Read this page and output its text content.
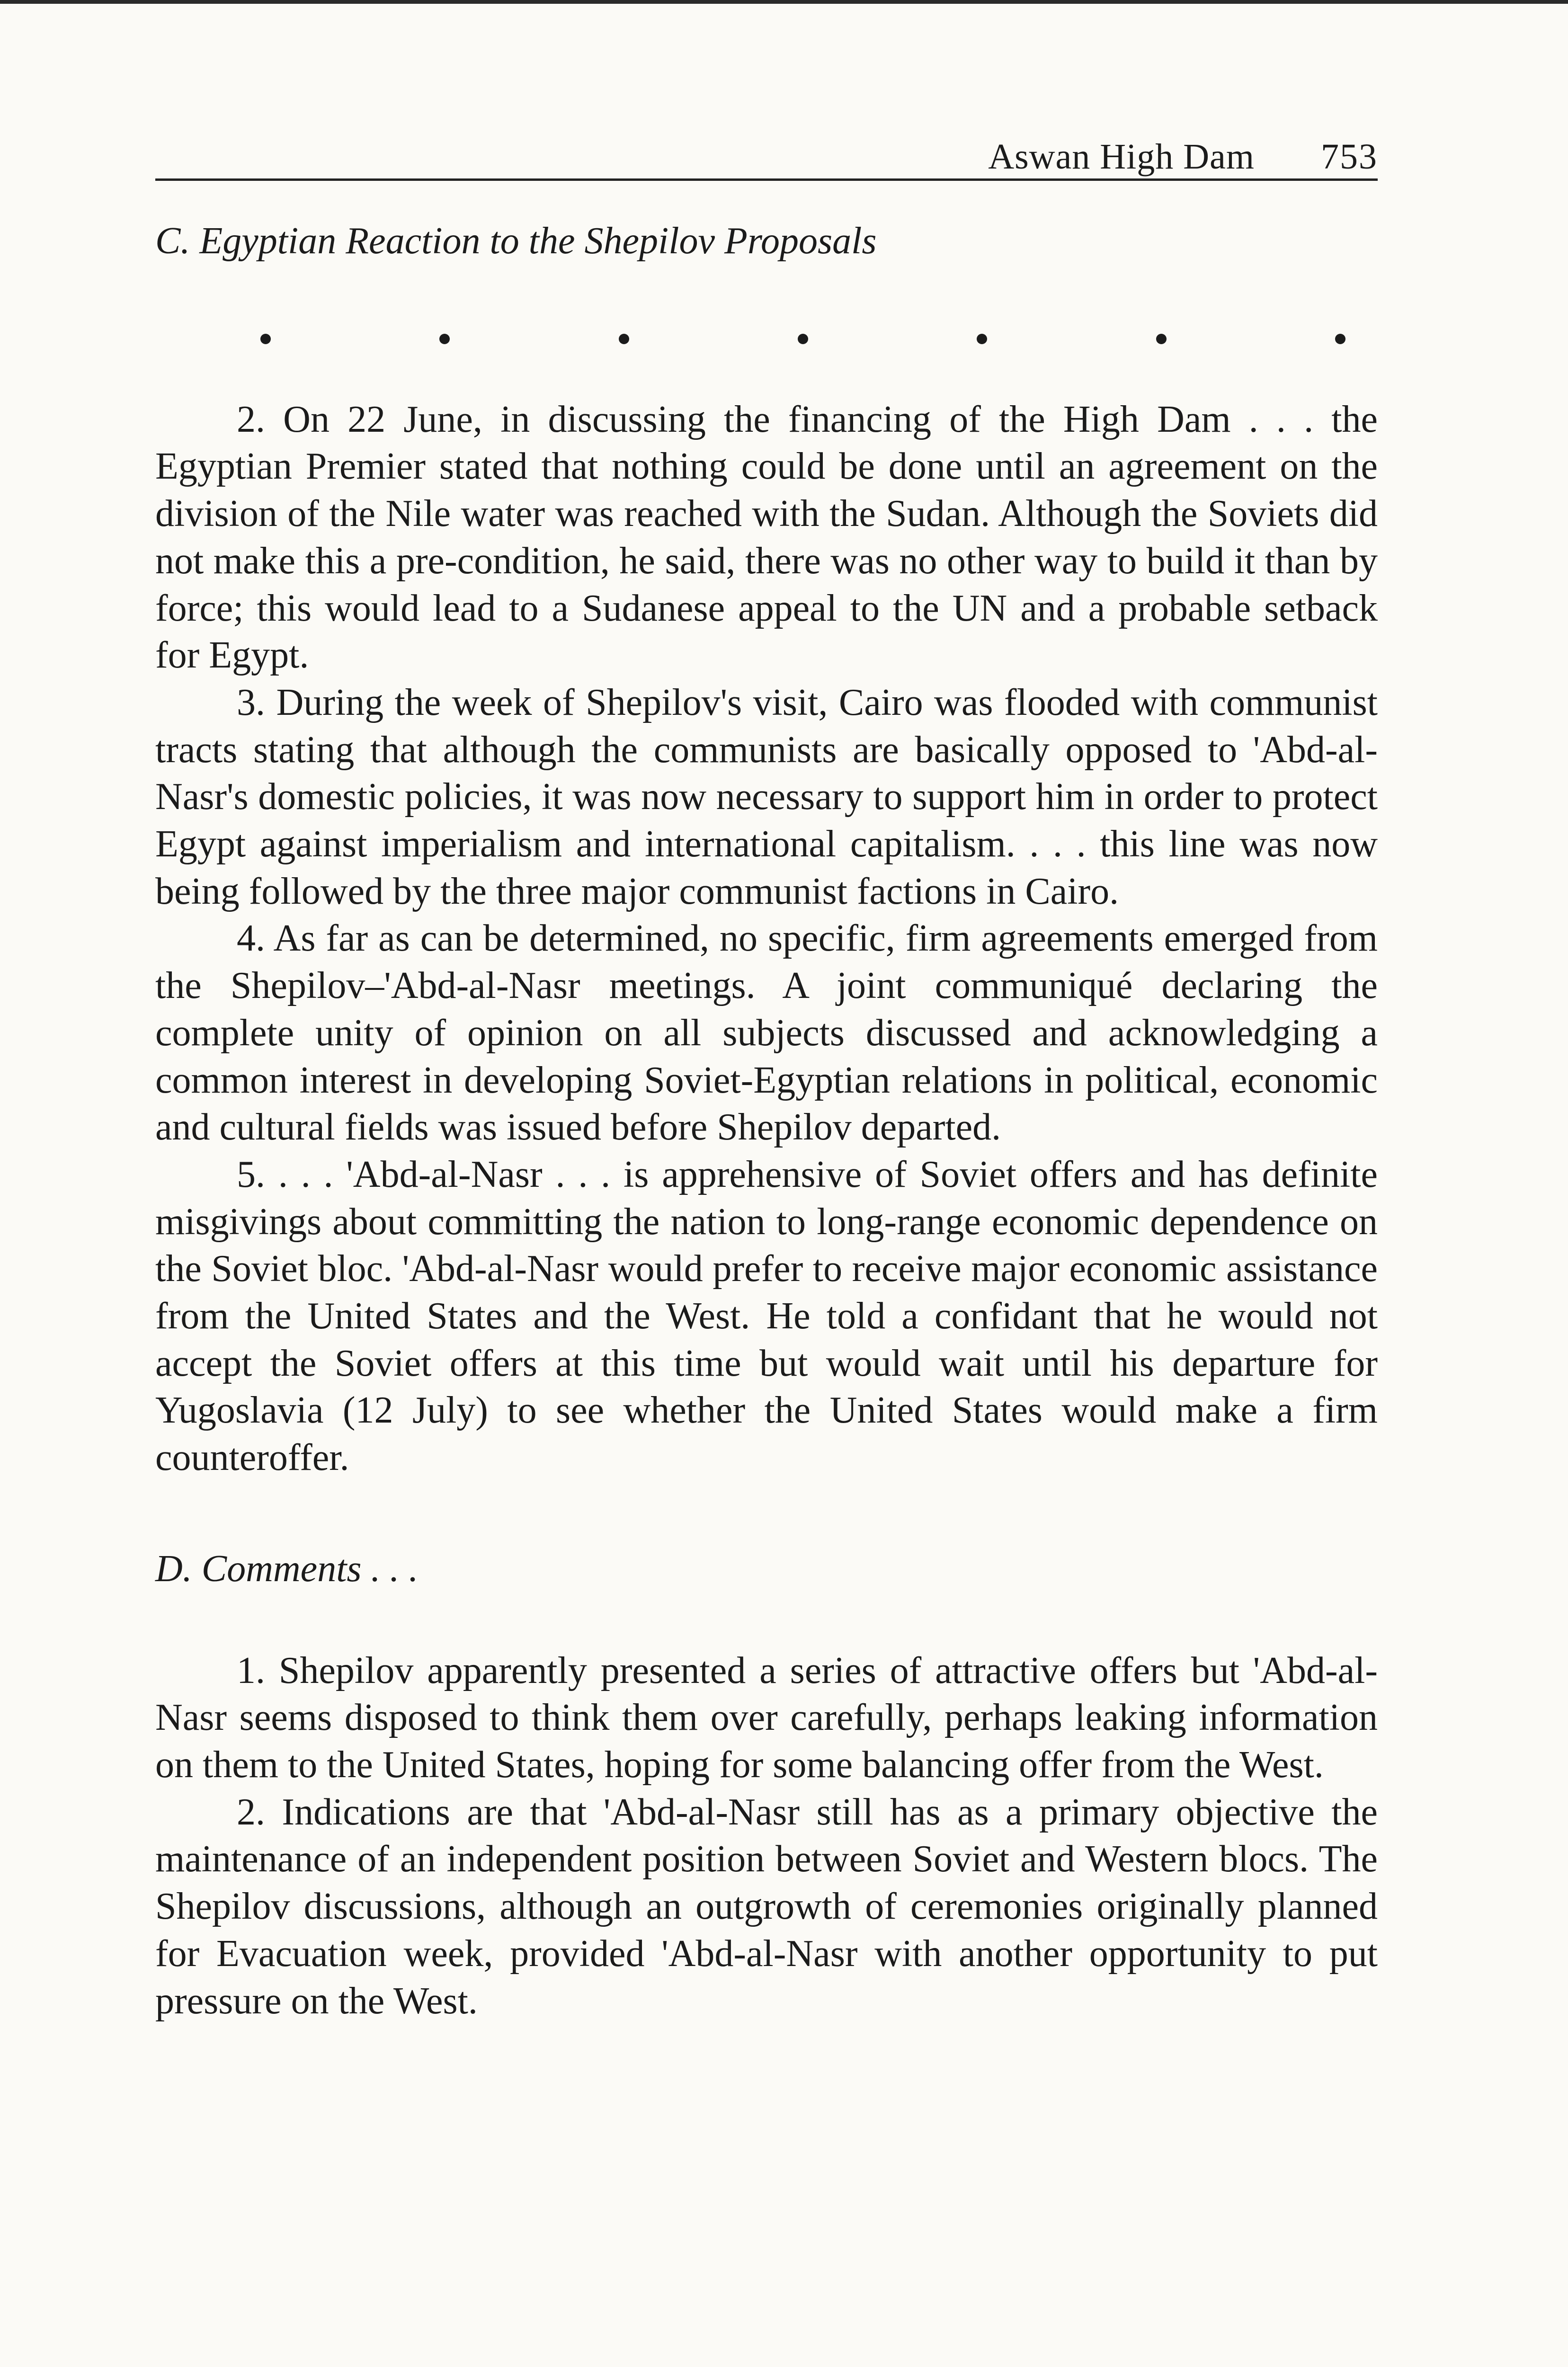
Aswan High Dam 753

C. Egyptian Reaction to the Shepilov Proposals

2. On 22 June, in discussing the financing of the High Dam . . . the Egyptian Premier stated that nothing could be done until an agreement on the division of the Nile water was reached with the Sudan. Although the Soviets did not make this a pre-condition, he said, there was no other way to build it than by force; this would lead to a Sudanese appeal to the UN and a probable setback for Egypt.

3. During the week of Shepilov's visit, Cairo was flooded with communist tracts stating that although the communists are basically opposed to 'Abd-al-Nasr's domestic policies, it was now necessary to support him in order to protect Egypt against imperialism and international capitalism. . . . this line was now being followed by the three major communist factions in Cairo.

4. As far as can be determined, no specific, firm agreements emerged from the Shepilov–'Abd-al-Nasr meetings. A joint communiqué declaring the complete unity of opinion on all subjects discussed and acknowledging a common interest in developing Soviet-Egyptian relations in political, economic and cultural fields was issued before Shepilov departed.

5. . . . 'Abd-al-Nasr . . . is apprehensive of Soviet offers and has definite misgivings about committing the nation to long-range economic dependence on the Soviet bloc. 'Abd-al-Nasr would prefer to receive major economic assistance from the United States and the West. He told a confidant that he would not accept the Soviet offers at this time but would wait until his departure for Yugoslavia (12 July) to see whether the United States would make a firm counteroffer.

D. Comments . . .

1. Shepilov apparently presented a series of attractive offers but 'Abd-al-Nasr seems disposed to think them over carefully, perhaps leaking information on them to the United States, hoping for some balancing offer from the West.

2. Indications are that 'Abd-al-Nasr still has as a primary objective the maintenance of an independent position between Soviet and Western blocs. The Shepilov discussions, although an outgrowth of ceremonies originally planned for Evacuation week, provided 'Abd-al-Nasr with another opportunity to put pressure on the West.
